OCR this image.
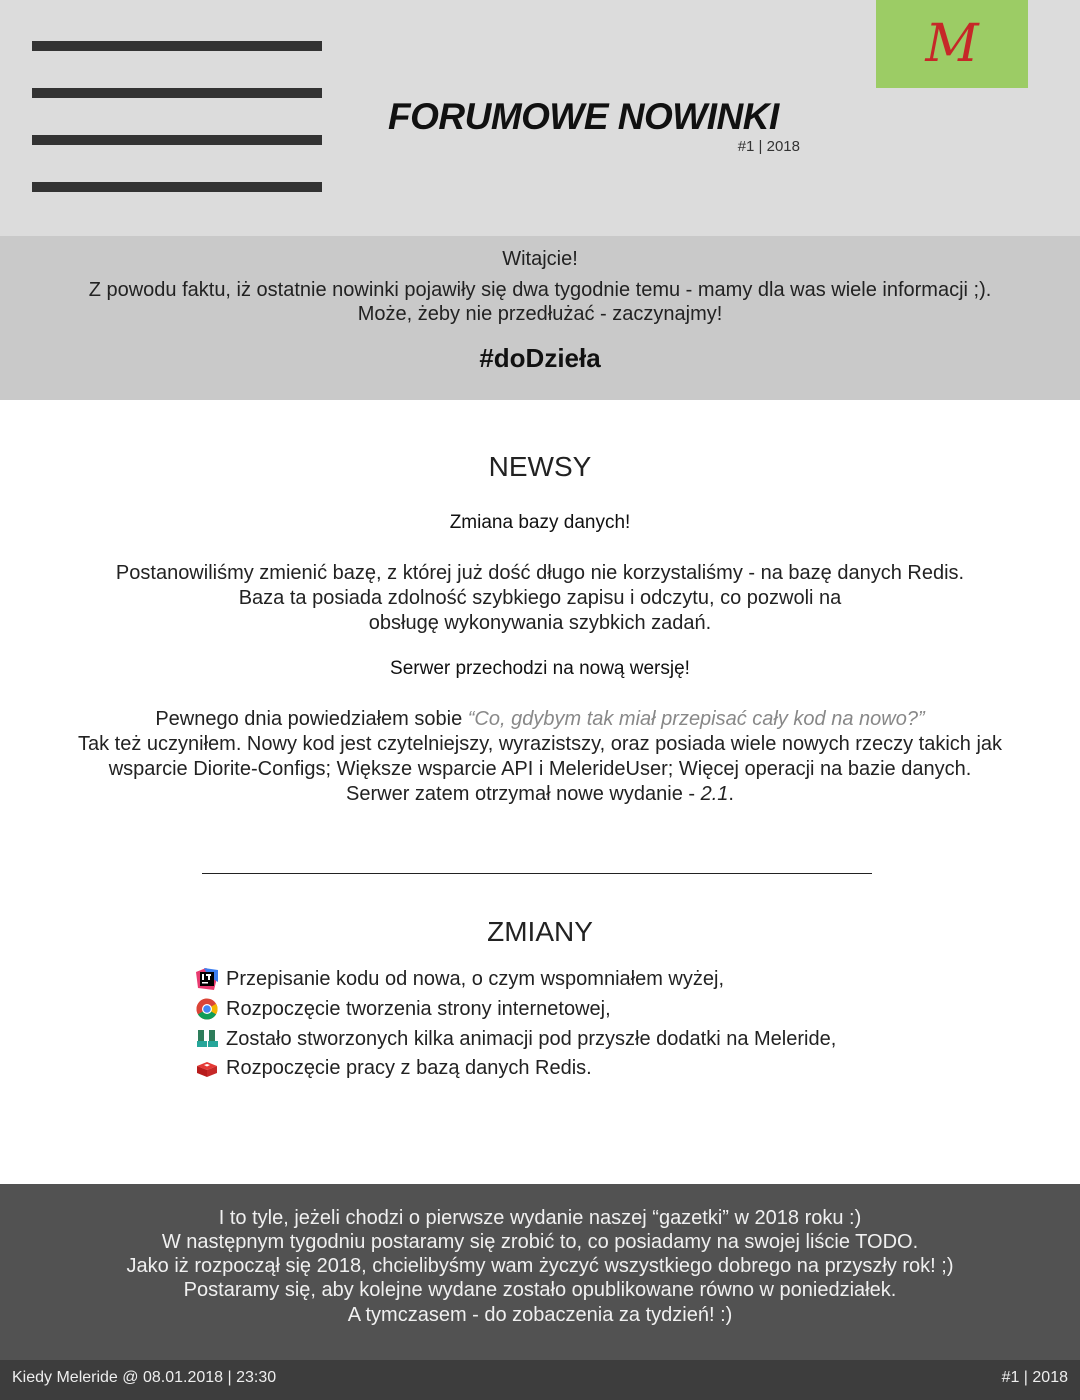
M
FORUMOWE NOWINKI
#1 | 2018
Witajcie!
Z powodu faktu, iż ostatnie nowinki pojawiły się dwa tygodnie temu - mamy dla was wiele informacji ;).
Może, żeby nie przedłużać - zaczynajmy!
#doDzieła
NEWSY
Zmiana bazy danych!
Postanowiliśmy zmienić bazę, z której już dość długo nie korzystaliśmy - na bazę danych Redis.
Baza ta posiada zdolność szybkiego zapisu i odczytu, co pozwoli na
obsługę wykonywania szybkich zadań.
Serwer przechodzi na nową wersję!
Pewnego dnia powiedziałem sobie “Co, gdybym tak miał przepisać cały kod na nowo?”
Tak też uczyniłem. Nowy kod jest czytelniejszy, wyrazistszy, oraz posiada wiele nowych rzeczy takich jak
wsparcie Diorite-Configs; Większe wsparcie API i MelerideUser; Więcej operacji na bazie danych.
Serwer zatem otrzymał nowe wydanie - 2.1.
ZMIANY
Przepisanie kodu od nowa, o czym wspomniałem wyżej,
Rozpoczęcie tworzenia strony internetowej,
Zostało stworzonych kilka animacji pod przyszłe dodatki na Meleride,
Rozpoczęcie pracy z bazą danych Redis.
I to tyle, jeżeli chodzi o pierwsze wydanie naszej “gazetki” w 2018 roku :)
W następnym tygodniu postaramy się zrobić to, co posiadamy na swojej liście TODO.
Jako iż rozpoczął się 2018, chcielibyśmy wam życzyć wszystkiego dobrego na przyszły rok! ;)
Postaramy się, aby kolejne wydane zostało opublikowane równo w poniedziałek.
A tymczasem - do zobaczenia za tydzień! :)
Kiedy Meleride @ 08.01.2018 | 23:30	#1 | 2018
